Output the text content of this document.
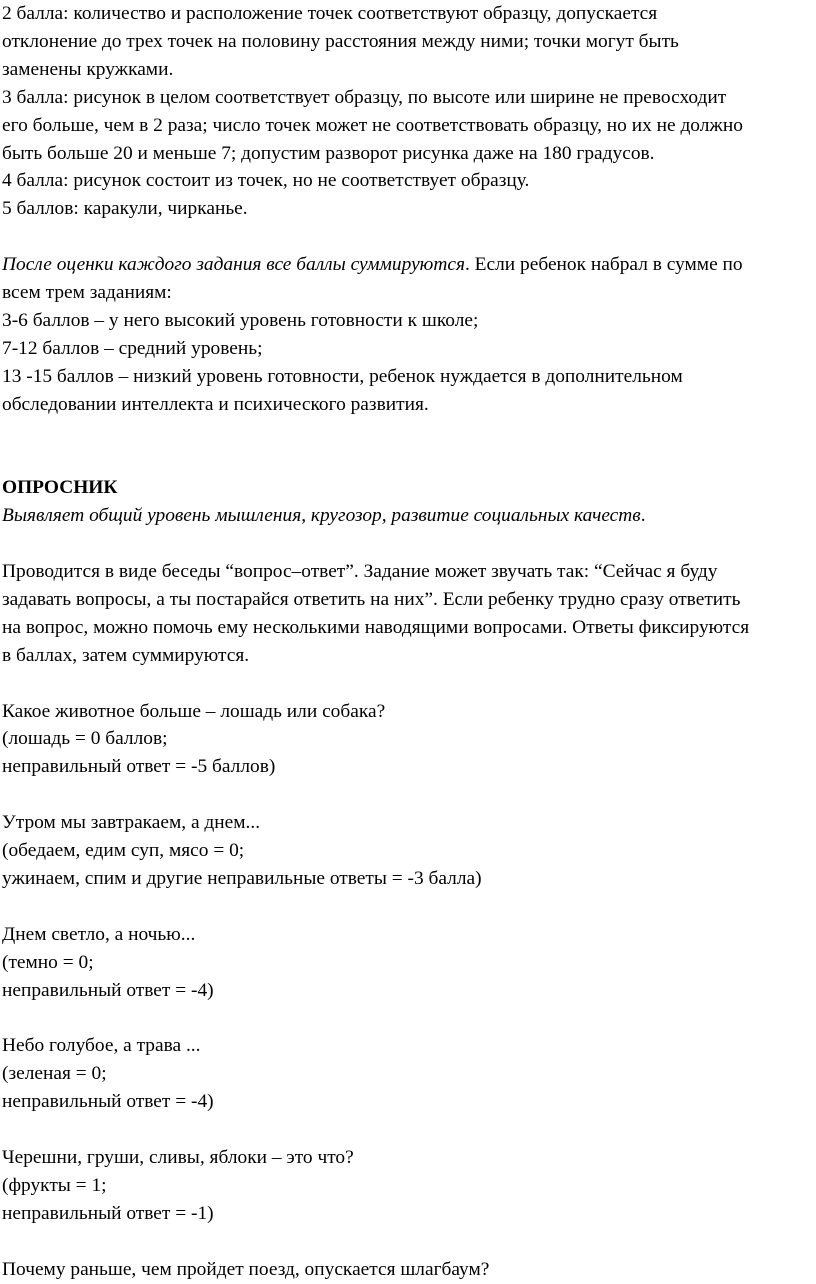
2 балла: количество и расположение точек соответствуют образцу, допускается
отклонение до трех точек на половину расстояния между ними; точки могут быть
заменены кружками.
3 балла: рисунок в целом соответствует образцу, по высоте или ширине не превосходит
его больше, чем в 2 раза; число точек может не соответствовать образцу, но их не должно
быть больше 20 и меньше 7; допустим разворот рисунка даже на 180 градусов.
4 балла: рисунок состоит из точек, но не соответствует образцу.
5 баллов: каракули, чирканье.
После оценки каждого задания все баллы суммируются. Если ребенок набрал в сумме по
всем трем заданиям:
3-6 баллов – у него высокий уровень готовности к школе;
7-12 баллов – средний уровень;
13 -15 баллов – низкий уровень готовности, ребенок нуждается в дополнительном
обследовании интеллекта и психического развития.
ОПРОСНИК
Выявляет общий уровень мышления, кругозор, развитие социальных качеств.
Проводится в виде беседы “вопрос–ответ”. Задание может звучать так: “Сейчас я буду
задавать вопросы, а ты постарайся ответить на них”. Если ребенку трудно сразу ответить
на вопрос, можно помочь ему несколькими наводящими вопросами. Ответы фиксируются
в баллах, затем суммируются.
Какое животное больше – лошадь или собака?
(лошадь = 0 баллов;
неправильный ответ = -5 баллов)
Утром мы завтракаем, а днем...
(обедаем, едим суп, мясо = 0;
ужинаем, спим и другие неправильные ответы = -3 балла)
Днем светло, а ночью...
(темно = 0;
неправильный ответ = -4)
Небо голубое, а трава ...
(зеленая = 0;
неправильный ответ = -4)
Черешни, груши, сливы, яблоки – это что?
(фрукты = 1;
неправильный ответ = -1)
Почему раньше, чем пройдет поезд, опускается шлагбаум?
